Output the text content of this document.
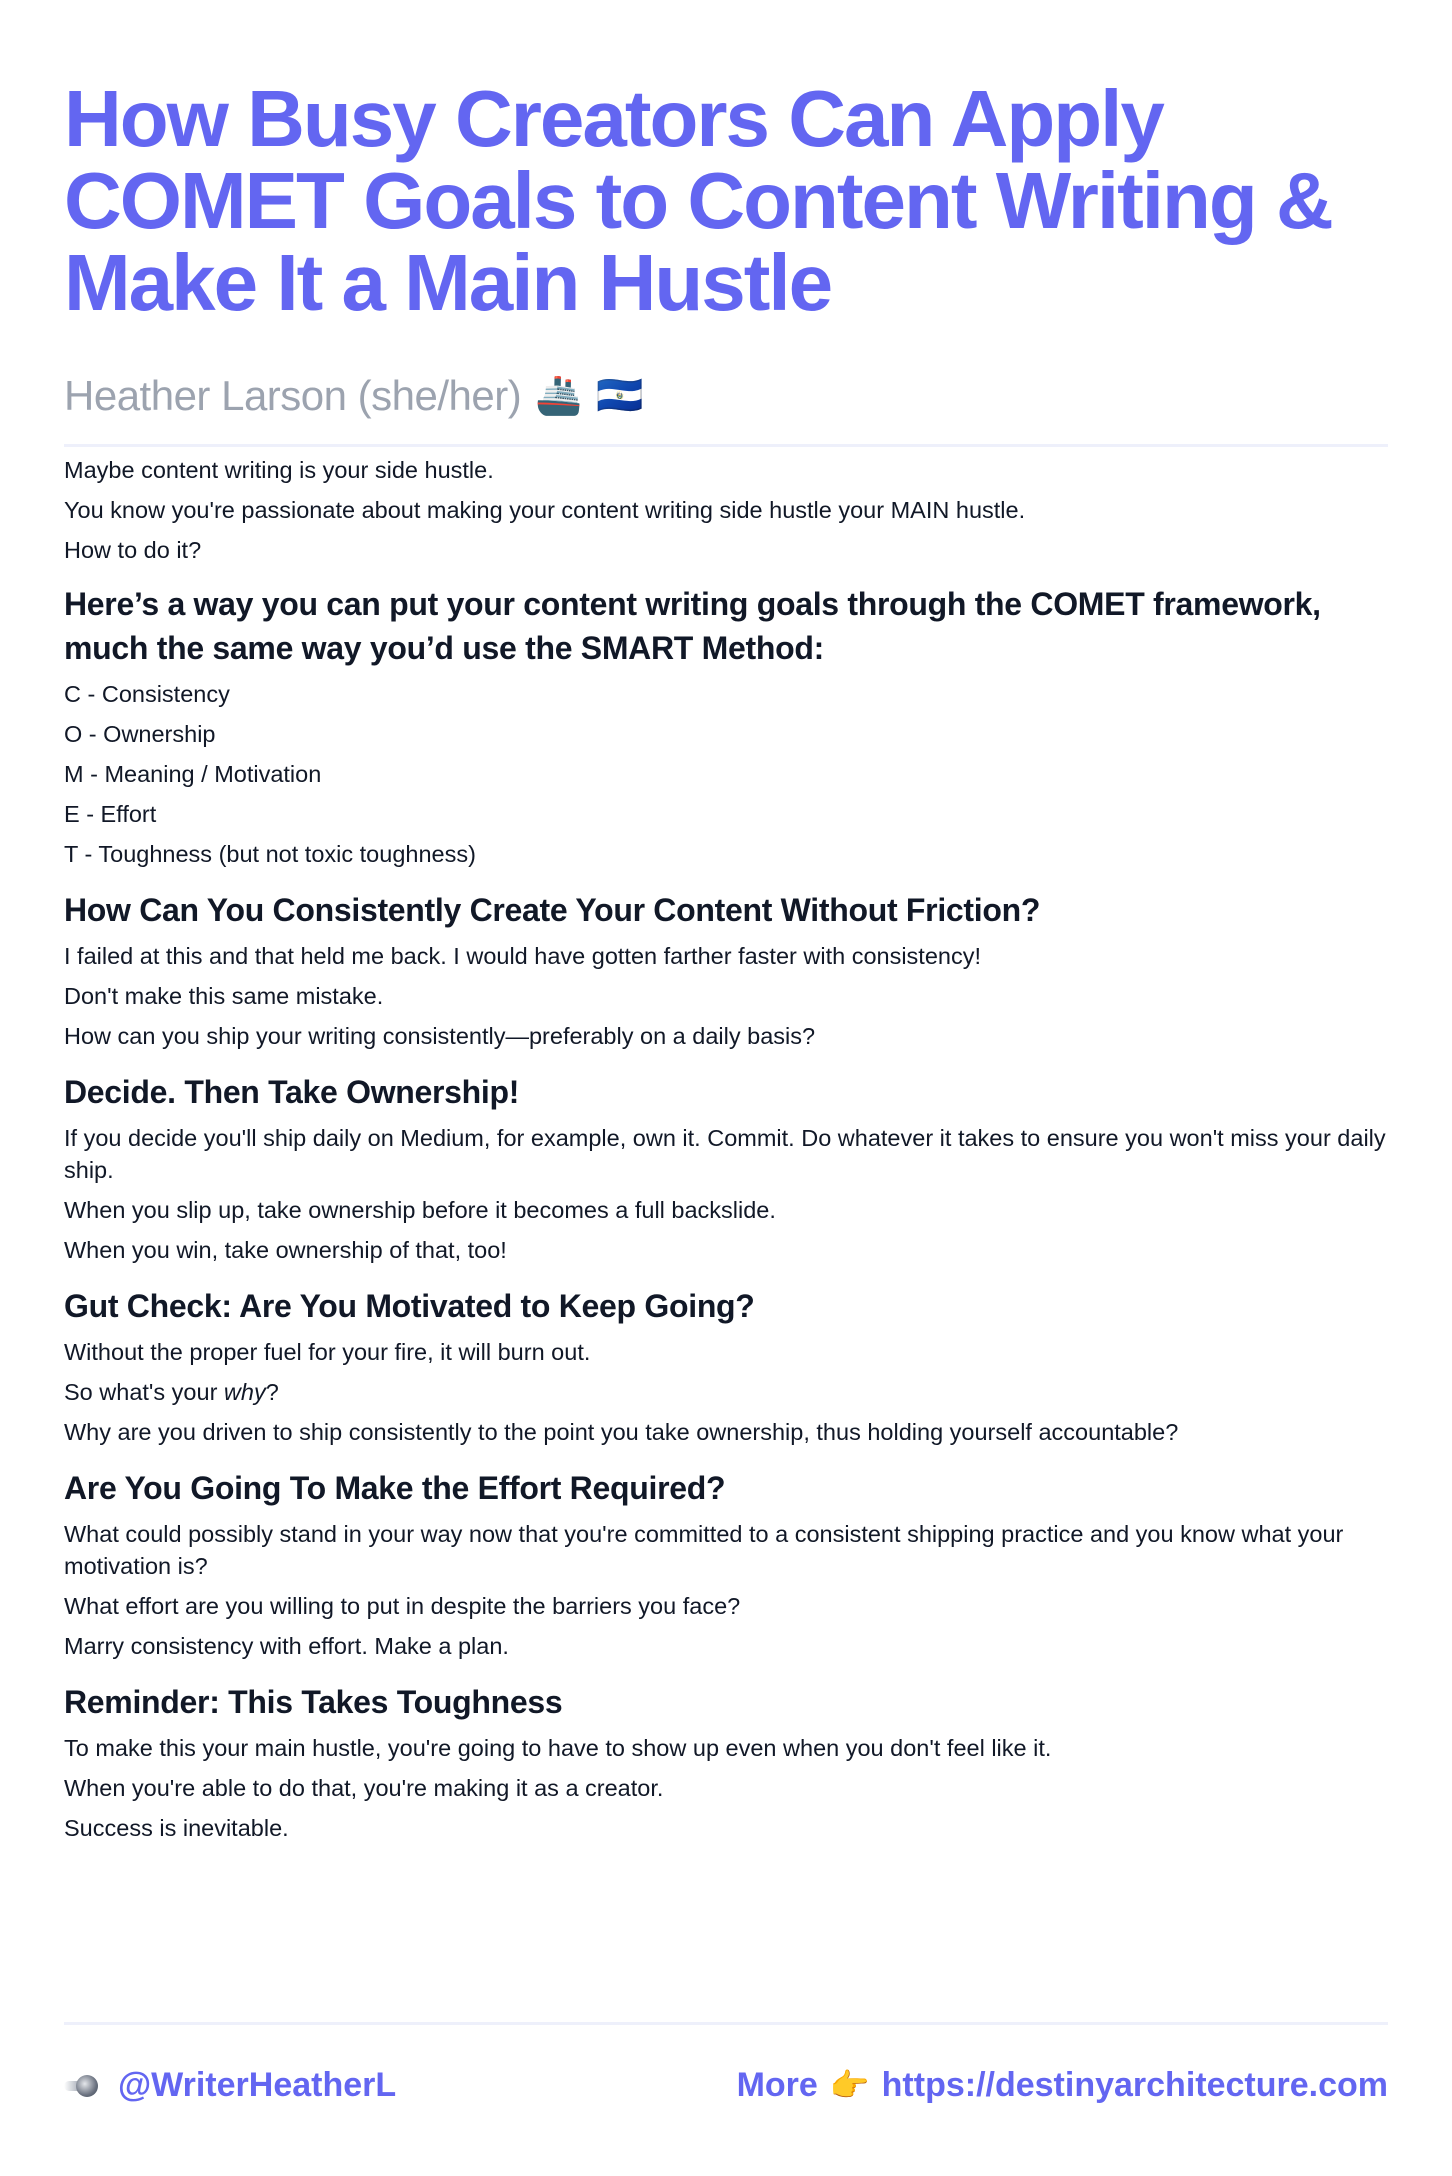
How Busy Creators Can Apply COMET Goals to Content Writing & Make It a Main Hustle
Heather Larson (she/her) 🚢 🇸🇻

Maybe content writing is your side hustle.

You know you're passionate about making your content writing side hustle your MAIN hustle.

How to do it?

Here’s a way you can put your content writing goals through the COMET framework, much the same way you’d use the SMART Method:

C - Consistency

O - Ownership

M - Meaning / Motivation

E - Effort

T - Toughness (but not toxic toughness)

How Can You Consistently Create Your Content Without Friction?

I failed at this and that held me back. I would have gotten farther faster with consistency!

Don't make this same mistake.

How can you ship your writing consistently—preferably on a daily basis?

Decide. Then Take Ownership!

If you decide you'll ship daily on Medium, for example, own it. Commit. Do whatever it takes to ensure you won't miss your daily ship.

When you slip up, take ownership before it becomes a full backslide.

When you win, take ownership of that, too!

Gut Check: Are You Motivated to Keep Going?

Without the proper fuel for your fire, it will burn out.

So what's your why?

Why are you driven to ship consistently to the point you take ownership, thus holding yourself accountable?

Are You Going To Make the Effort Required?

What could possibly stand in your way now that you're committed to a consistent shipping practice and you know what your motivation is?

What effort are you willing to put in despite the barriers you face?

Marry consistency with effort. Make a plan.

Reminder: This Takes Toughness

To make this your main hustle, you're going to have to show up even when you don't feel like it.

When you're able to do that, you're making it as a creator.

Success is inevitable.

@WriterHeatherL	More 👉 https://destinyarchitecture.com
